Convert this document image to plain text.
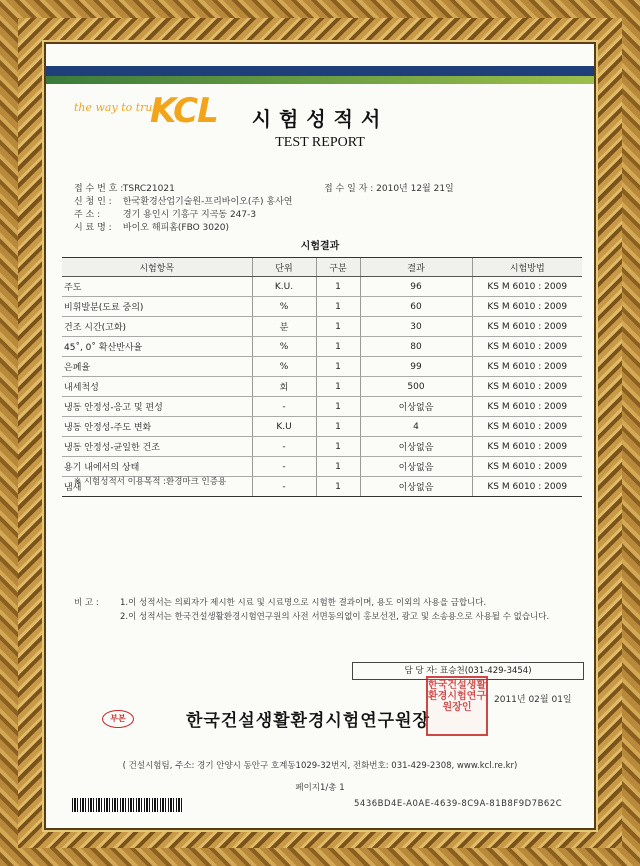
the way to trust
KCL	시험성적서
TEST REPORT
접 수 번 호 : TSRC21021	접 수 일 자 : 2010년 12월 21일
신 청 인 : 한국환경산업기술원-프리바이오(주) 홍사연
주 소 :	경기 용인시 기흥구 지곡동 247-3
시 료 명 : 바이오 해피홈(FBO 3020)
시험결과
시험항목	단위	구분	결과	시험방법
주도	K.U.	1	96	KS M 6010 : 2009
비휘발분(도료 중의)	%	1	60	KS M 6010 : 2009
건조 시간(고화)	분	1	30	KS M 6010 : 2009
45˚, 0˚ 확산반사율	%	1	80	KS M 6010 : 2009
은폐율	%	1	99	KS M 6010 : 2009
내세척성	회	1	500	KS M 6010 : 2009
냉동 안정성-응고 및 편성	-	1	이상없음	KS M 6010 : 2009
냉동 안정성-주도 변화	K.U	1	4	KS M 6010 : 2009
냉동 안정성-균일한 건조	-	1	이상없음	KS M 6010 : 2009
용기 내에서의 상태	-	1	이상없음	KS M 6010 : 2009
냄새	-	1	이상없음	KS M 6010 : 2009
※ 시험성적서 이용목적 :환경마크 인증용
비 고 :	1.이 성적서는 의뢰자가 제시한 시료 및 시료명으로 시험한 결과이며, 용도 이외의 사용을 금합니다.
2.이 성적서는 한국건설생활환경시험연구원의 사전 서면동의없이 홍보선전, 광고 및 소송용으로 사용될 수 없습니다.
담 당 자: 표승천(031-429-3454)
2011년 02월 01일
부본	한국건설생활환경시험연구원장
한국건설생활환경시험연구원장인
( 건설시험팀, 주소: 경기 안양시 동안구 호계동1029-32번지, 전화번호: 031-429-2308, www.kcl.re.kr)
페이지1/총 1
5436BD4E-A0AE-4639-8C9A-81B8F9D7B62C
